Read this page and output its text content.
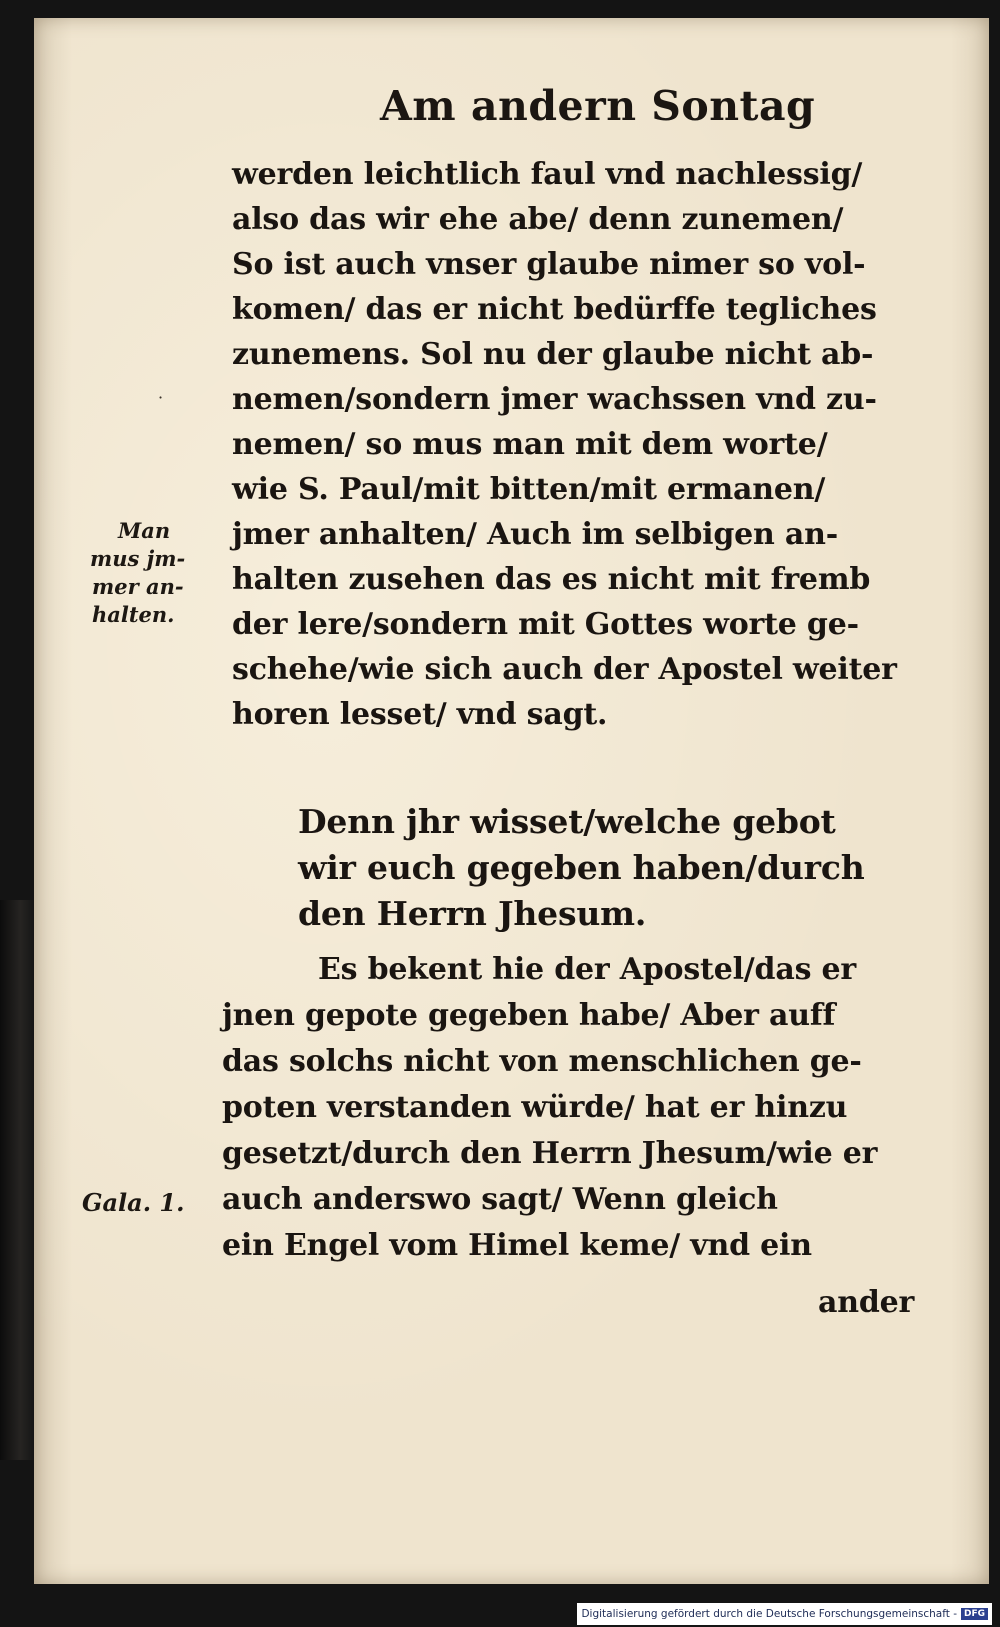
Am andern Sontag
werden leichtlich faul vnd nachlessig/
also das wir ehe abe/ denn zunemen/
So ist auch vnser glaube nimer so vol-
komen/ das er nicht bedürffe tegliches
zunemens. Sol nu der glaube nicht ab-
nemen/sondern jmer wachssen vnd zu-
nemen/ so mus man mit dem worte/
wie S. Paul/mit bitten/mit ermanen/
jmer anhalten/ Auch im selbigen an-
halten zusehen das es nicht mit fremb
der lere/sondern mit Gottes worte ge-
schehe/wie sich auch der Apostel weiter
horen lesset/ vnd sagt.
·
Man
mus jm-
mer an-
halten.
Denn jhr wisset/welche gebot
wir euch gegeben haben/durch
den Herrn Jhesum.
Es bekent hie der Apostel/das er
jnen gepote gegeben habe/ Aber auff
das solchs nicht von menschlichen ge-
poten verstanden würde/ hat er hinzu
gesetzt/durch den Herrn Jhesum/wie er
auch anderswo sagt/ Wenn gleich
ein Engel vom Himel keme/ vnd ein
Gala. 1.
ander
Digitalisierung gefördert durch die Deutsche Forschungsgemeinschaft - DFG
